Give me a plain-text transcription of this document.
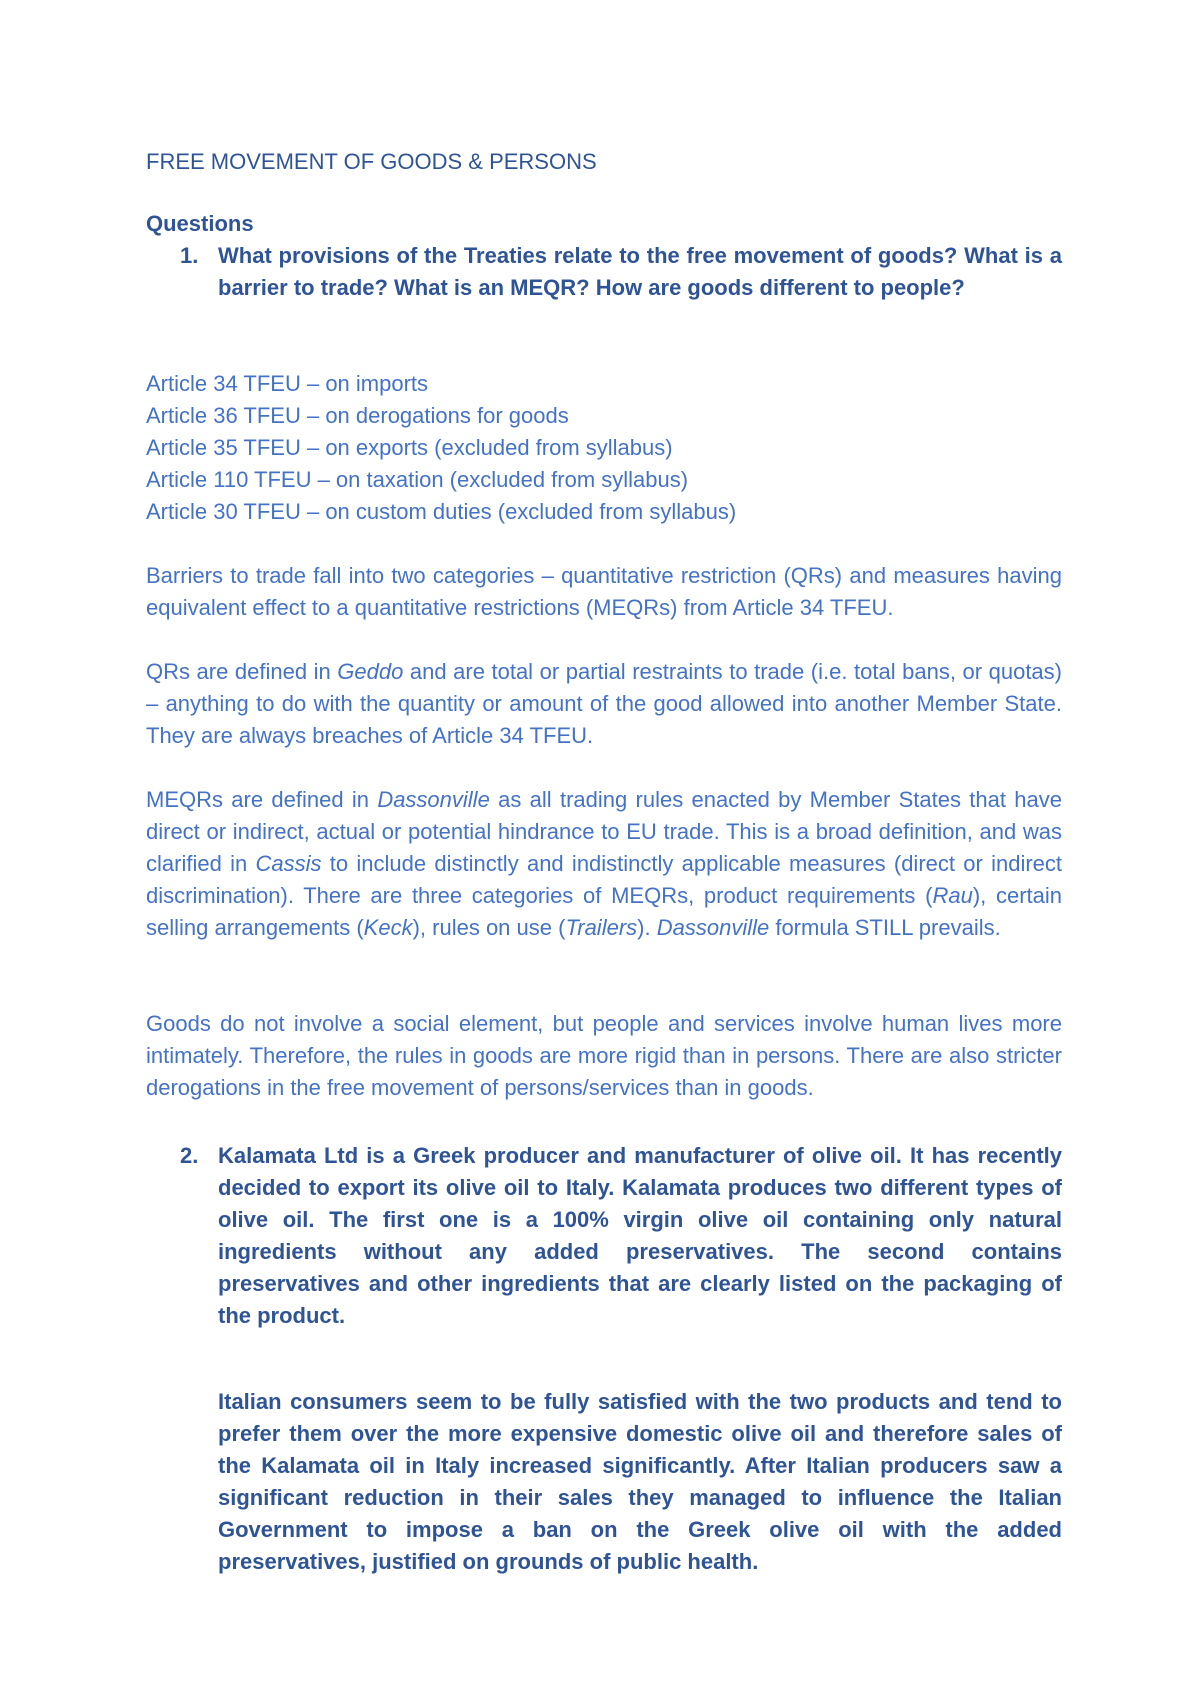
FREE MOVEMENT OF GOODS & PERSONS

Questions

1. What provisions of the Treaties relate to the free movement of goods? What is a barrier to trade? What is an MEQR? How are goods different to people?
Article 34 TFEU – on imports
Article 36 TFEU – on derogations for goods
Article 35 TFEU – on exports (excluded from syllabus)
Article 110 TFEU – on taxation (excluded from syllabus)
Article 30 TFEU – on custom duties (excluded from syllabus)

Barriers to trade fall into two categories – quantitative restriction (QRs) and measures having equivalent effect to a quantitative restrictions (MEQRs) from Article 34 TFEU.

QRs are defined in Geddo and are total or partial restraints to trade (i.e. total bans, or quotas) – anything to do with the quantity or amount of the good allowed into another Member State. They are always breaches of Article 34 TFEU.

MEQRs are defined in Dassonville as all trading rules enacted by Member States that have direct or indirect, actual or potential hindrance to EU trade. This is a broad definition, and was clarified in Cassis to include distinctly and indistinctly applicable measures (direct or indirect discrimination). There are three categories of MEQRs, product requirements (Rau), certain selling arrangements (Keck), rules on use (Trailers). Dassonville formula STILL prevails.

Goods do not involve a social element, but people and services involve human lives more intimately. Therefore, the rules in goods are more rigid than in persons. There are also stricter derogations in the free movement of persons/services than in goods.

2. Kalamata Ltd is a Greek producer and manufacturer of olive oil. It has recently decided to export its olive oil to Italy. Kalamata produces two different types of olive oil. The first one is a 100% virgin olive oil containing only natural ingredients without any added preservatives. The second contains preservatives and other ingredients that are clearly listed on the packaging of the product.

Italian consumers seem to be fully satisfied with the two products and tend to prefer them over the more expensive domestic olive oil and therefore sales of the Kalamata oil in Italy increased significantly. After Italian producers saw a significant reduction in their sales they managed to influence the Italian Government to impose a ban on the Greek olive oil with the added preservatives, justified on grounds of public health.
